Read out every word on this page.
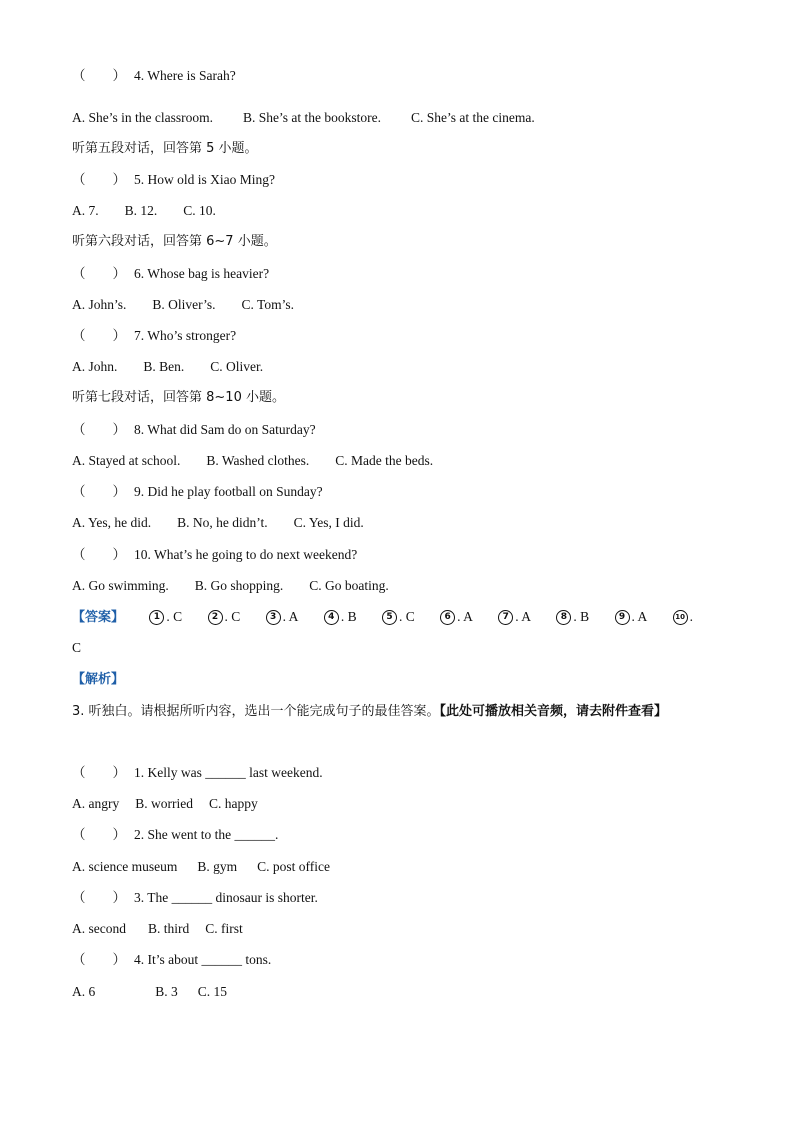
（　　） 4. Where is Sarah?
A. She’s in the classroom. B. She’s at the bookstore. C. She’s at the cinema.
听第五段对话，回答第 5 小题。
（　　） 5. How old is Xiao Ming?
A. 7. B. 12. C. 10.
听第六段对话，回答第 6~7 小题。
（　　） 6. Whose bag is heavier?
A. John’s. B. Oliver’s. C. Tom’s.
（　　） 7. Who’s stronger?
A. John. B. Ben. C. Oliver.
听第七段对话，回答第 8~10 小题。
（　　） 8. What did Sam do on Saturday?
A. Stayed at school. B. Washed clothes. C. Made the beds.
（　　） 9. Did he play football on Sunday?
A. Yes, he did. B. No, he didn’t. C. Yes, I did.
（　　） 10. What’s he going to do next weekend?
A. Go swimming. B. Go shopping. C. Go boating.
【答案】	1 . C	2 . C	3 . A	4 . B	5 . C	6 . A	7 . A	8 . B	9 . A	10 .
C
【解析】
3. 听独白。请根据所听内容，选出一个能完成句子的最佳答案。【此处可播放相关音频，请去附件查看】
（　　） 1. Kelly was ______ last weekend.
A. angry B. worried C. happy
（　　） 2. She went to the ______.
A. science museum B. gym C. post office
（　　） 3. The ______ dinosaur is shorter.
A. second B. third C. first
（　　） 4. It’s about ______ tons.
A. 6	B. 3 C. 15
